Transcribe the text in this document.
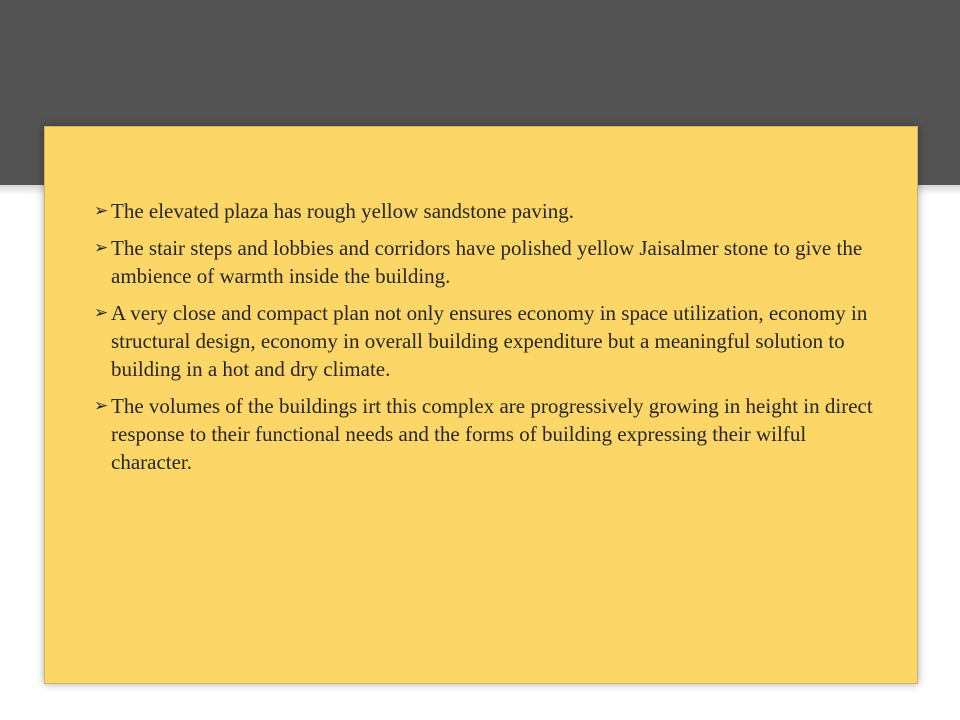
➢ The elevated plaza has rough yellow sandstone paving.
➢ The stair steps and lobbies and corridors have polished yellow Jaisalmer stone to give the ambience of warmth inside the building.
➢ A very close and compact plan not only ensures economy in space utilization, economy in structural design, economy in overall building expenditure but a meaningful solution to building in a hot and dry climate.
➢ The volumes of the buildings irt this complex are progressively growing in height in direct response to their functional needs and the forms of building expressing their wilful character.
